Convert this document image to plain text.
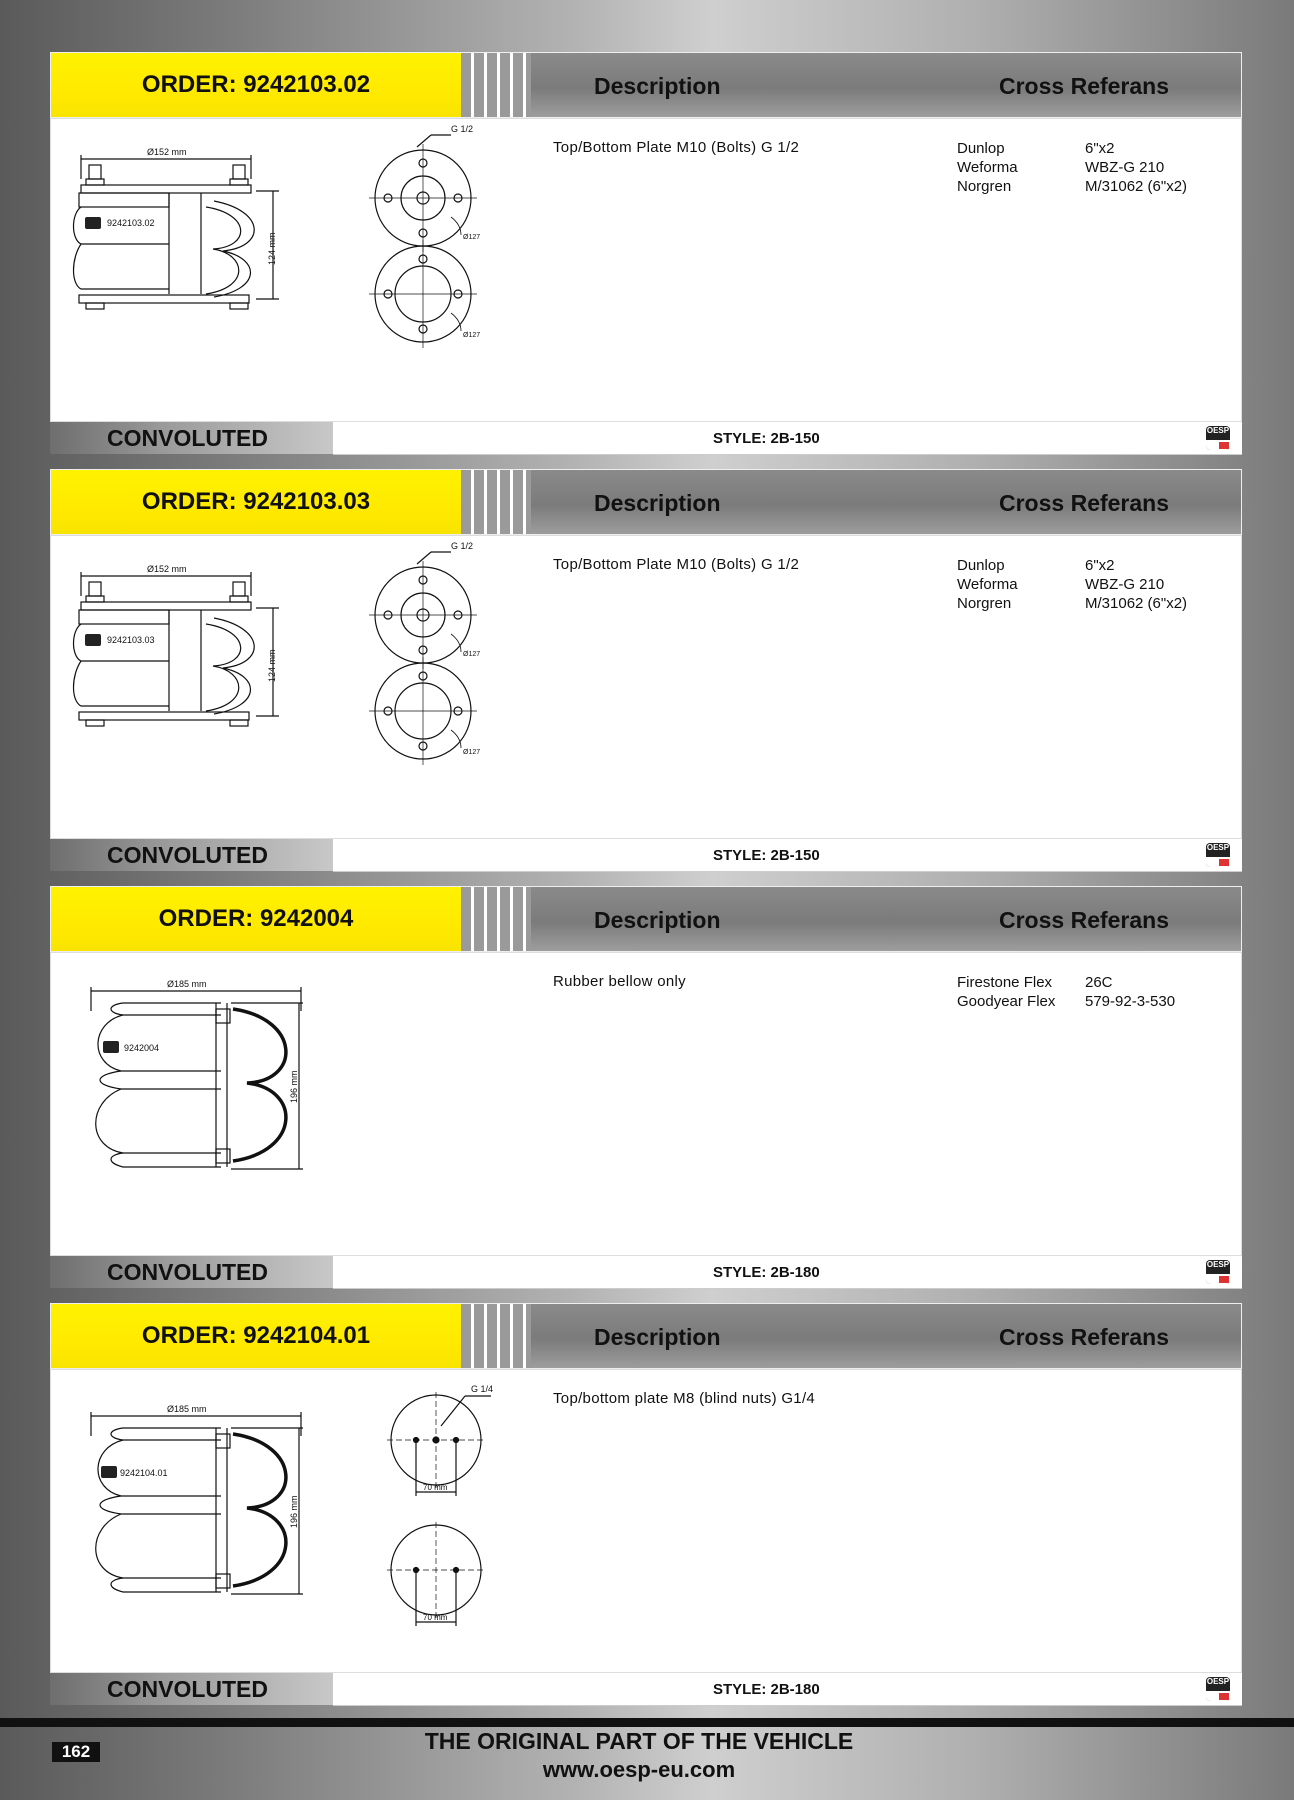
ORDER: 9242103.02	Description	Cross Referans
Ø152 mm
G 1/2
Ø127
Ø127
124 mm
9242103.02
Top/Bottom Plate M10 (Bolts) G 1/2	Dunlop	6"x2
Weforma	WBZ-G 210
Norgren	M/31062 (6"x2)
CONVOLUTED	STYLE: 2B-150	OESP
ORDER: 9242103.03	Description	Cross Referans
Ø152 mm
G 1/2
Ø127
Ø127
124 mm
9242103.03
Top/Bottom Plate M10 (Bolts) G 1/2	Dunlop	6"x2
Weforma	WBZ-G 210
Norgren	M/31062 (6"x2)
CONVOLUTED	STYLE: 2B-150	OESP
ORDER: 9242004	Description	Cross Referans
Ø185 mm
196 mm
9242004
Rubber bellow only	Firestone Flex	26C
Goodyear Flex	579-92-3-530
CONVOLUTED	STYLE: 2B-180	OESP
ORDER: 9242104.01	Description	Cross Referans
Ø185 mm
196 mm
9242104.01
G 1/4
70 mm
70 mm
Top/bottom plate M8 (blind nuts) G1/4
CONVOLUTED	STYLE: 2B-180	OESP
162	THE ORIGINAL PART OF THE VEHICLE
www.oesp-eu.com
